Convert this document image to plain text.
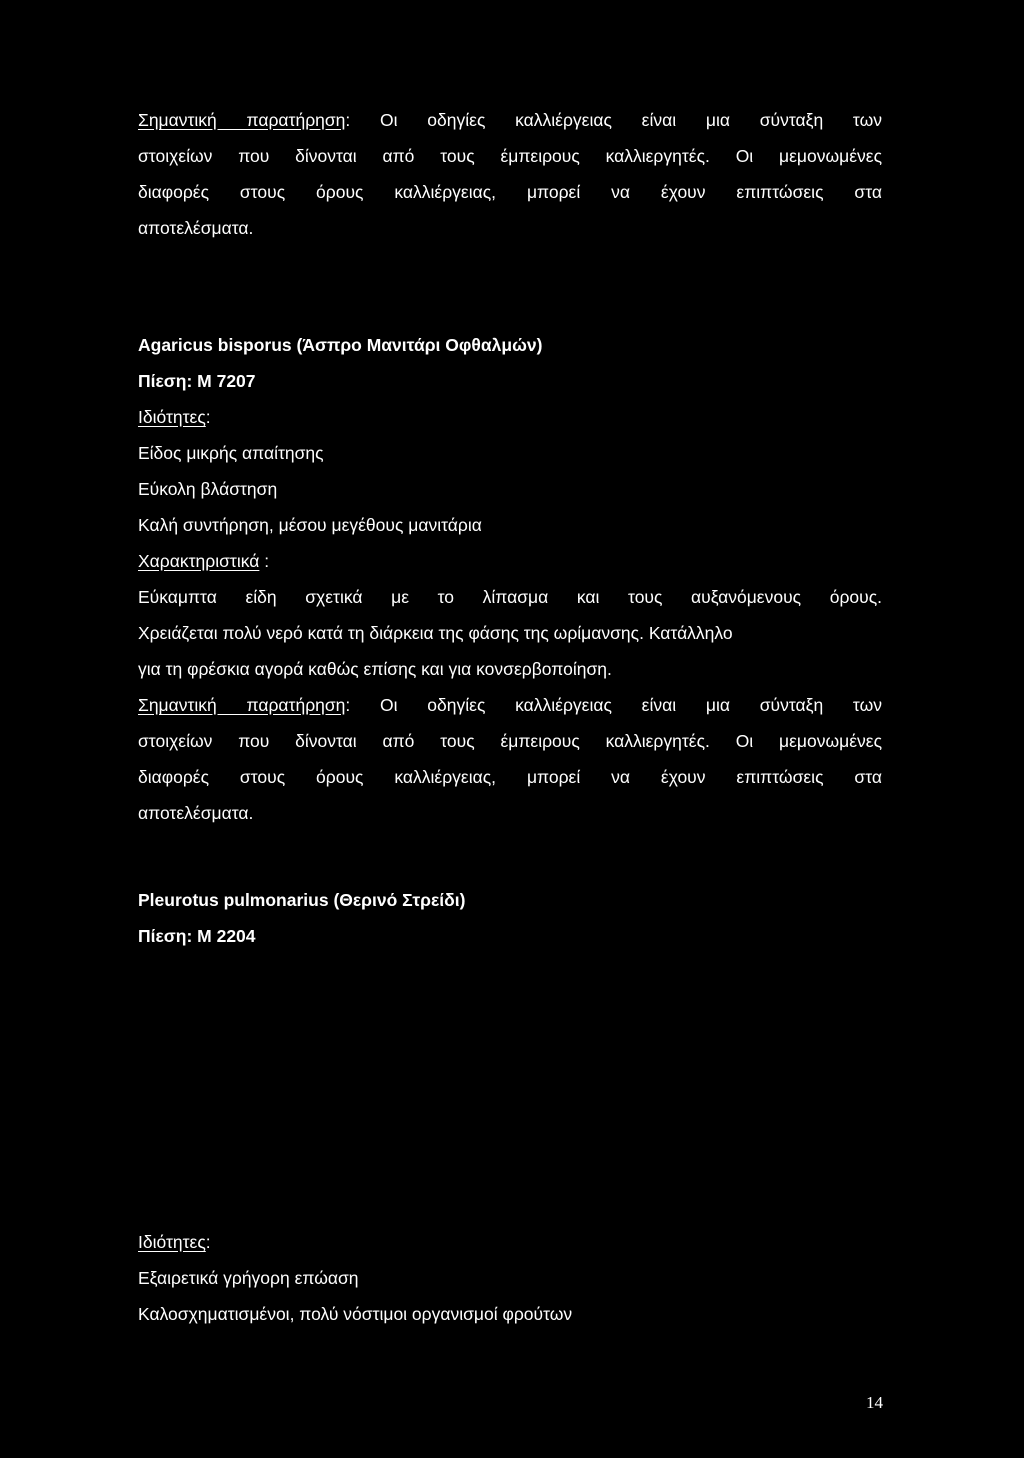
Σημαντική παρατήρηση: Οι οδηγίες καλλιέργειας είναι μια σύνταξη των
στοιχείων που δίνονται από τους έμπειρους καλλιεργητές. Οι μεμονωμένες
διαφορές στους όρους καλλιέργειας, μπορεί να έχουν επιπτώσεις στα
αποτελέσματα.
Agaricus bisporus (Άσπρο Μανιτάρι Οφθαλμών)
Πίεση: Μ 7207
Ιδιότητες:
Είδος μικρής απαίτησης
Εύκολη βλάστηση
Καλή συντήρηση, μέσου μεγέθους μανιτάρια
Χαρακτηριστικά :
Εύκαμπτα είδη σχετικά με το λίπασμα και τους αυξανόμενους όρους.
Χρειάζεται πολύ νερό κατά τη διάρκεια της φάσης της ωρίμανσης. Κατάλληλο
για τη φρέσκια αγορά καθώς επίσης και για κονσερβοποίηση.
Σημαντική παρατήρηση: Οι οδηγίες καλλιέργειας είναι μια σύνταξη των
στοιχείων που δίνονται από τους έμπειρους καλλιεργητές. Οι μεμονωμένες
διαφορές στους όρους καλλιέργειας, μπορεί να έχουν επιπτώσεις στα
αποτελέσματα.
Pleurotus pulmonarius (Θερινό Στρείδι)
Πίεση: Μ 2204
Ιδιότητες:
Εξαιρετικά γρήγορη επώαση
Καλοσχηματισμένοι, πολύ νόστιμοι οργανισμοί φρούτων
14
